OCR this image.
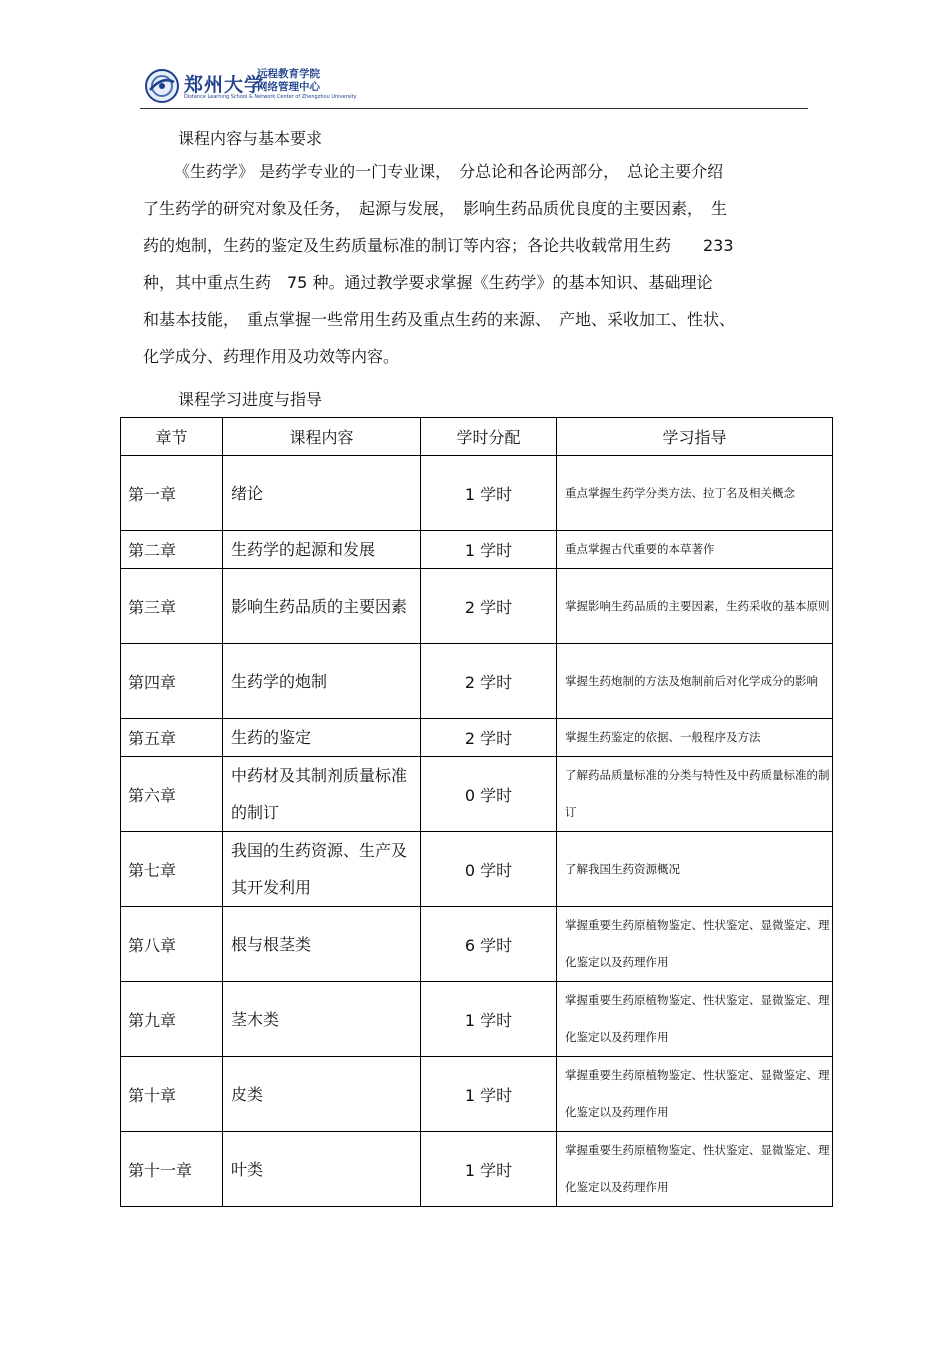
郑州大学
远程教育学院
网络管理中心
Distance Learning School & Network Center of Zhengzhou University
课程内容与基本要求
《生药学》 是药学专业的一门专业课，　分总论和各论两部分，　总论主要介绍
了生药学的研究对象及任务，　起源与发展，　影响生药品质优良度的主要因素，　生
药的炮制，生药的鉴定及生药质量标准的制订等内容；各论共收载常用生药　　233
种，其中重点生药　75 种。通过教学要求掌握《生药学》的基本知识、基础理论
和基本技能，　重点掌握一些常用生药及重点生药的来源、　产地、采收加工、性状、
化学成分、药理作用及功效等内容。
课程学习进度与指导
章节	课程内容	学时分配	学习指导
第一章	绪论	1 学时	重点掌握生药学分类方法、拉丁名及相关概念
第二章	生药学的起源和发展	1 学时	重点掌握古代重要的本草著作
第三章	影响生药品质的主要因素	2 学时	掌握影响生药品质的主要因素，生药采收的基本原则
第四章	生药学的炮制	2 学时	掌握生药炮制的方法及炮制前后对化学成分的影响
第五章	生药的鉴定	2 学时	掌握生药鉴定的依据、一般程序及方法
第六章	中药材及其制剂质量标准的制订	0 学时	了解药品质量标准的分类与特性及中药质量标准的制订
第七章	我国的生药资源、生产及其开发利用	0 学时	了解我国生药资源概况
第八章	根与根茎类	6 学时	掌握重要生药原植物鉴定、性状鉴定、显微鉴定、理化鉴定以及药理作用
第九章	茎木类	1 学时	掌握重要生药原植物鉴定、性状鉴定、显微鉴定、理化鉴定以及药理作用
第十章	皮类	1 学时	掌握重要生药原植物鉴定、性状鉴定、显微鉴定、理化鉴定以及药理作用
第十一章	叶类	1 学时	掌握重要生药原植物鉴定、性状鉴定、显微鉴定、理化鉴定以及药理作用
